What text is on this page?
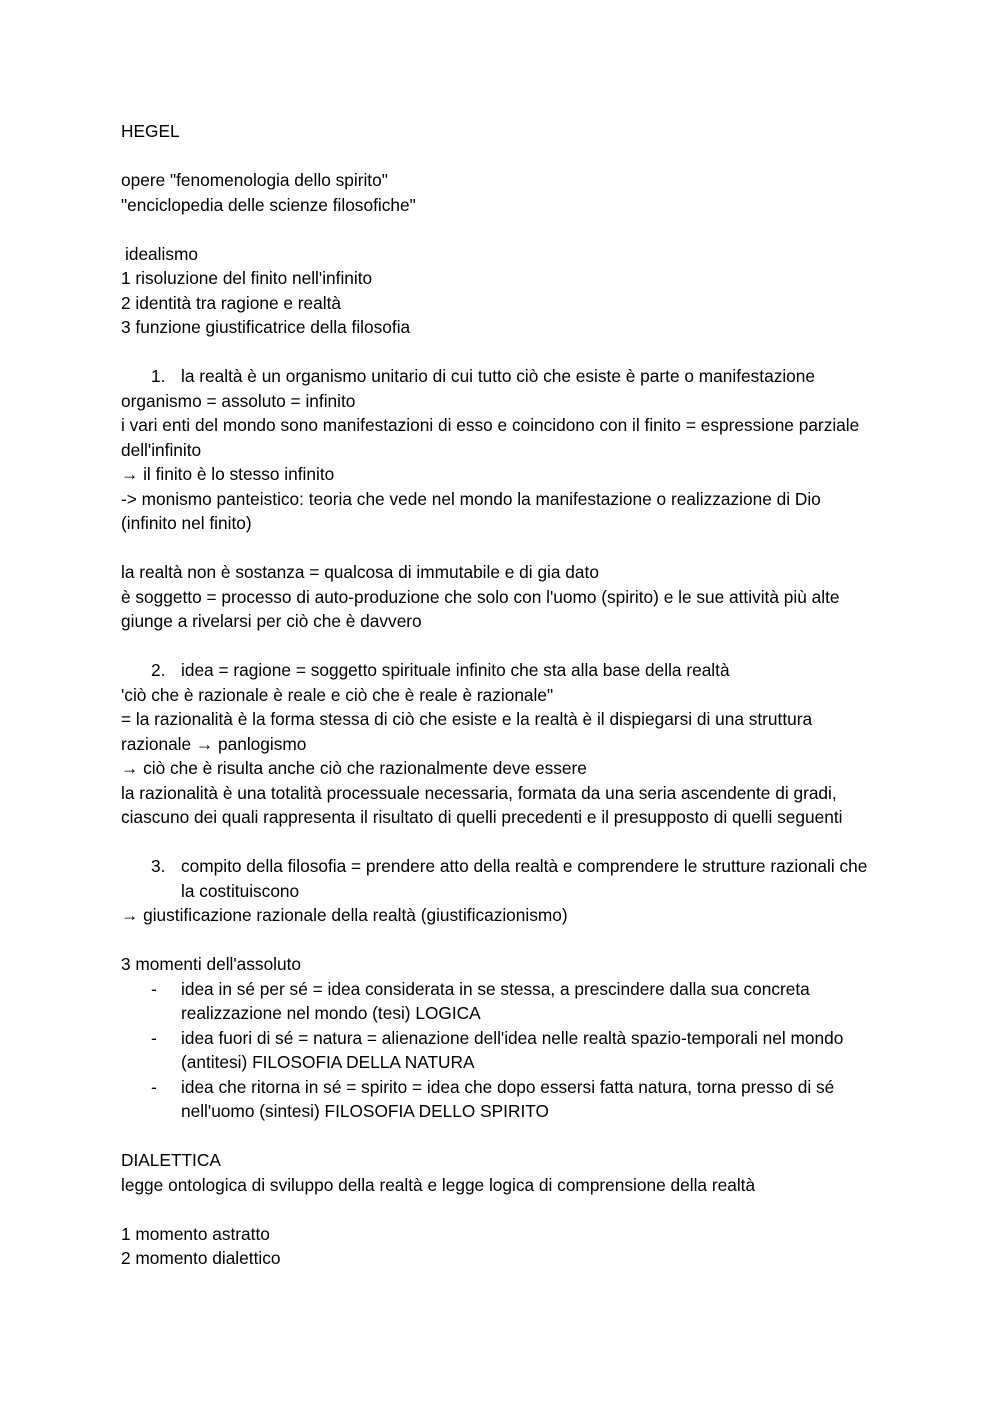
HEGEL

opere "fenomenologia dello spirito"

"enciclopedia delle scienze filosofiche"

idealismo

1 risoluzione del finito nell'infinito

2 identità tra ragione e realtà

3 funzione giustificatrice della filosofia

1. la realtà è un organismo unitario di cui tutto ciò che esiste è parte o manifestazione

organismo = assoluto = infinito

i vari enti del mondo sono manifestazioni di esso e coincidono con il finito = espressione parziale dell'infinito

→ il finito è lo stesso infinito

-> monismo panteistico: teoria che vede nel mondo la manifestazione o realizzazione di Dio (infinito nel finito)

la realtà non è sostanza = qualcosa di immutabile e di gia dato

è soggetto = processo di auto-produzione che solo con l'uomo (spirito) e le sue attività più alte giunge a rivelarsi per ciò che è davvero

2. idea = ragione = soggetto spirituale infinito che sta alla base della realtà

'ciò che è razionale è reale e ciò che è reale è razionale"

= la razionalità è la forma stessa di ciò che esiste e la realtà è il dispiegarsi di una struttura razionale → panlogismo

→ ciò che è risulta anche ciò che razionalmente deve essere

la razionalità è una totalità processuale necessaria, formata da una seria ascendente di gradi, ciascuno dei quali rappresenta il risultato di quelli precedenti e il presupposto di quelli seguenti

3. compito della filosofia = prendere atto della realtà e comprendere le strutture razionali che la costituiscono

→ giustificazione razionale della realtà (giustificazionismo)

3 momenti dell'assoluto

- idea in sé per sé = idea considerata in se stessa, a prescindere dalla sua concreta realizzazione nel mondo (tesi) LOGICA
- idea fuori di sé = natura = alienazione dell'idea nelle realtà spazio-temporali nel mondo (antitesi) FILOSOFIA DELLA NATURA
- idea che ritorna in sé = spirito = idea che dopo essersi fatta natura, torna presso di sé nell'uomo (sintesi) FILOSOFIA DELLO SPIRITO

DIALETTICA

legge ontologica di sviluppo della realtà e legge logica di comprensione della realtà

1 momento astratto

2 momento dialettico
